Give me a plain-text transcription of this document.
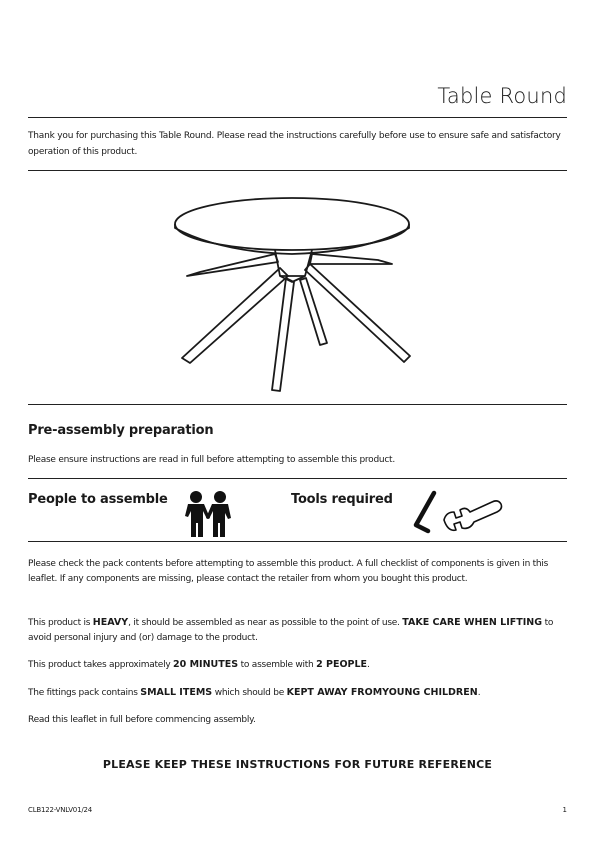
Table Round
Thank you for purchasing this Table Round. Please read the instructions carefully before use to ensure safe and satisfactory operation of this product.
Pre-assembly preparation
Please ensure instructions are read in full before attempting to assemble this product.
People to assemble	Tools required
Please check the pack contents before attempting to assemble this product. A full checklist of components is given in this leaflet. If any components are missing, please contact the retailer from whom you bought this product.
This product is HEAVY, it should be assembled as near as possible to the point of use. TAKE CARE WHEN LIFTING to avoid personal injury and (or) damage to the product.
This product takes approximately 20 MINUTES to assemble with 2 PEOPLE.
The fittings pack contains SMALL ITEMS which should be KEPT AWAY FROMYOUNG CHILDREN.
Read this leaflet in full before commencing assembly.
PLEASE KEEP THESE INSTRUCTIONS FOR FUTURE REFERENCE
CLB122-VNLV01/24	1
